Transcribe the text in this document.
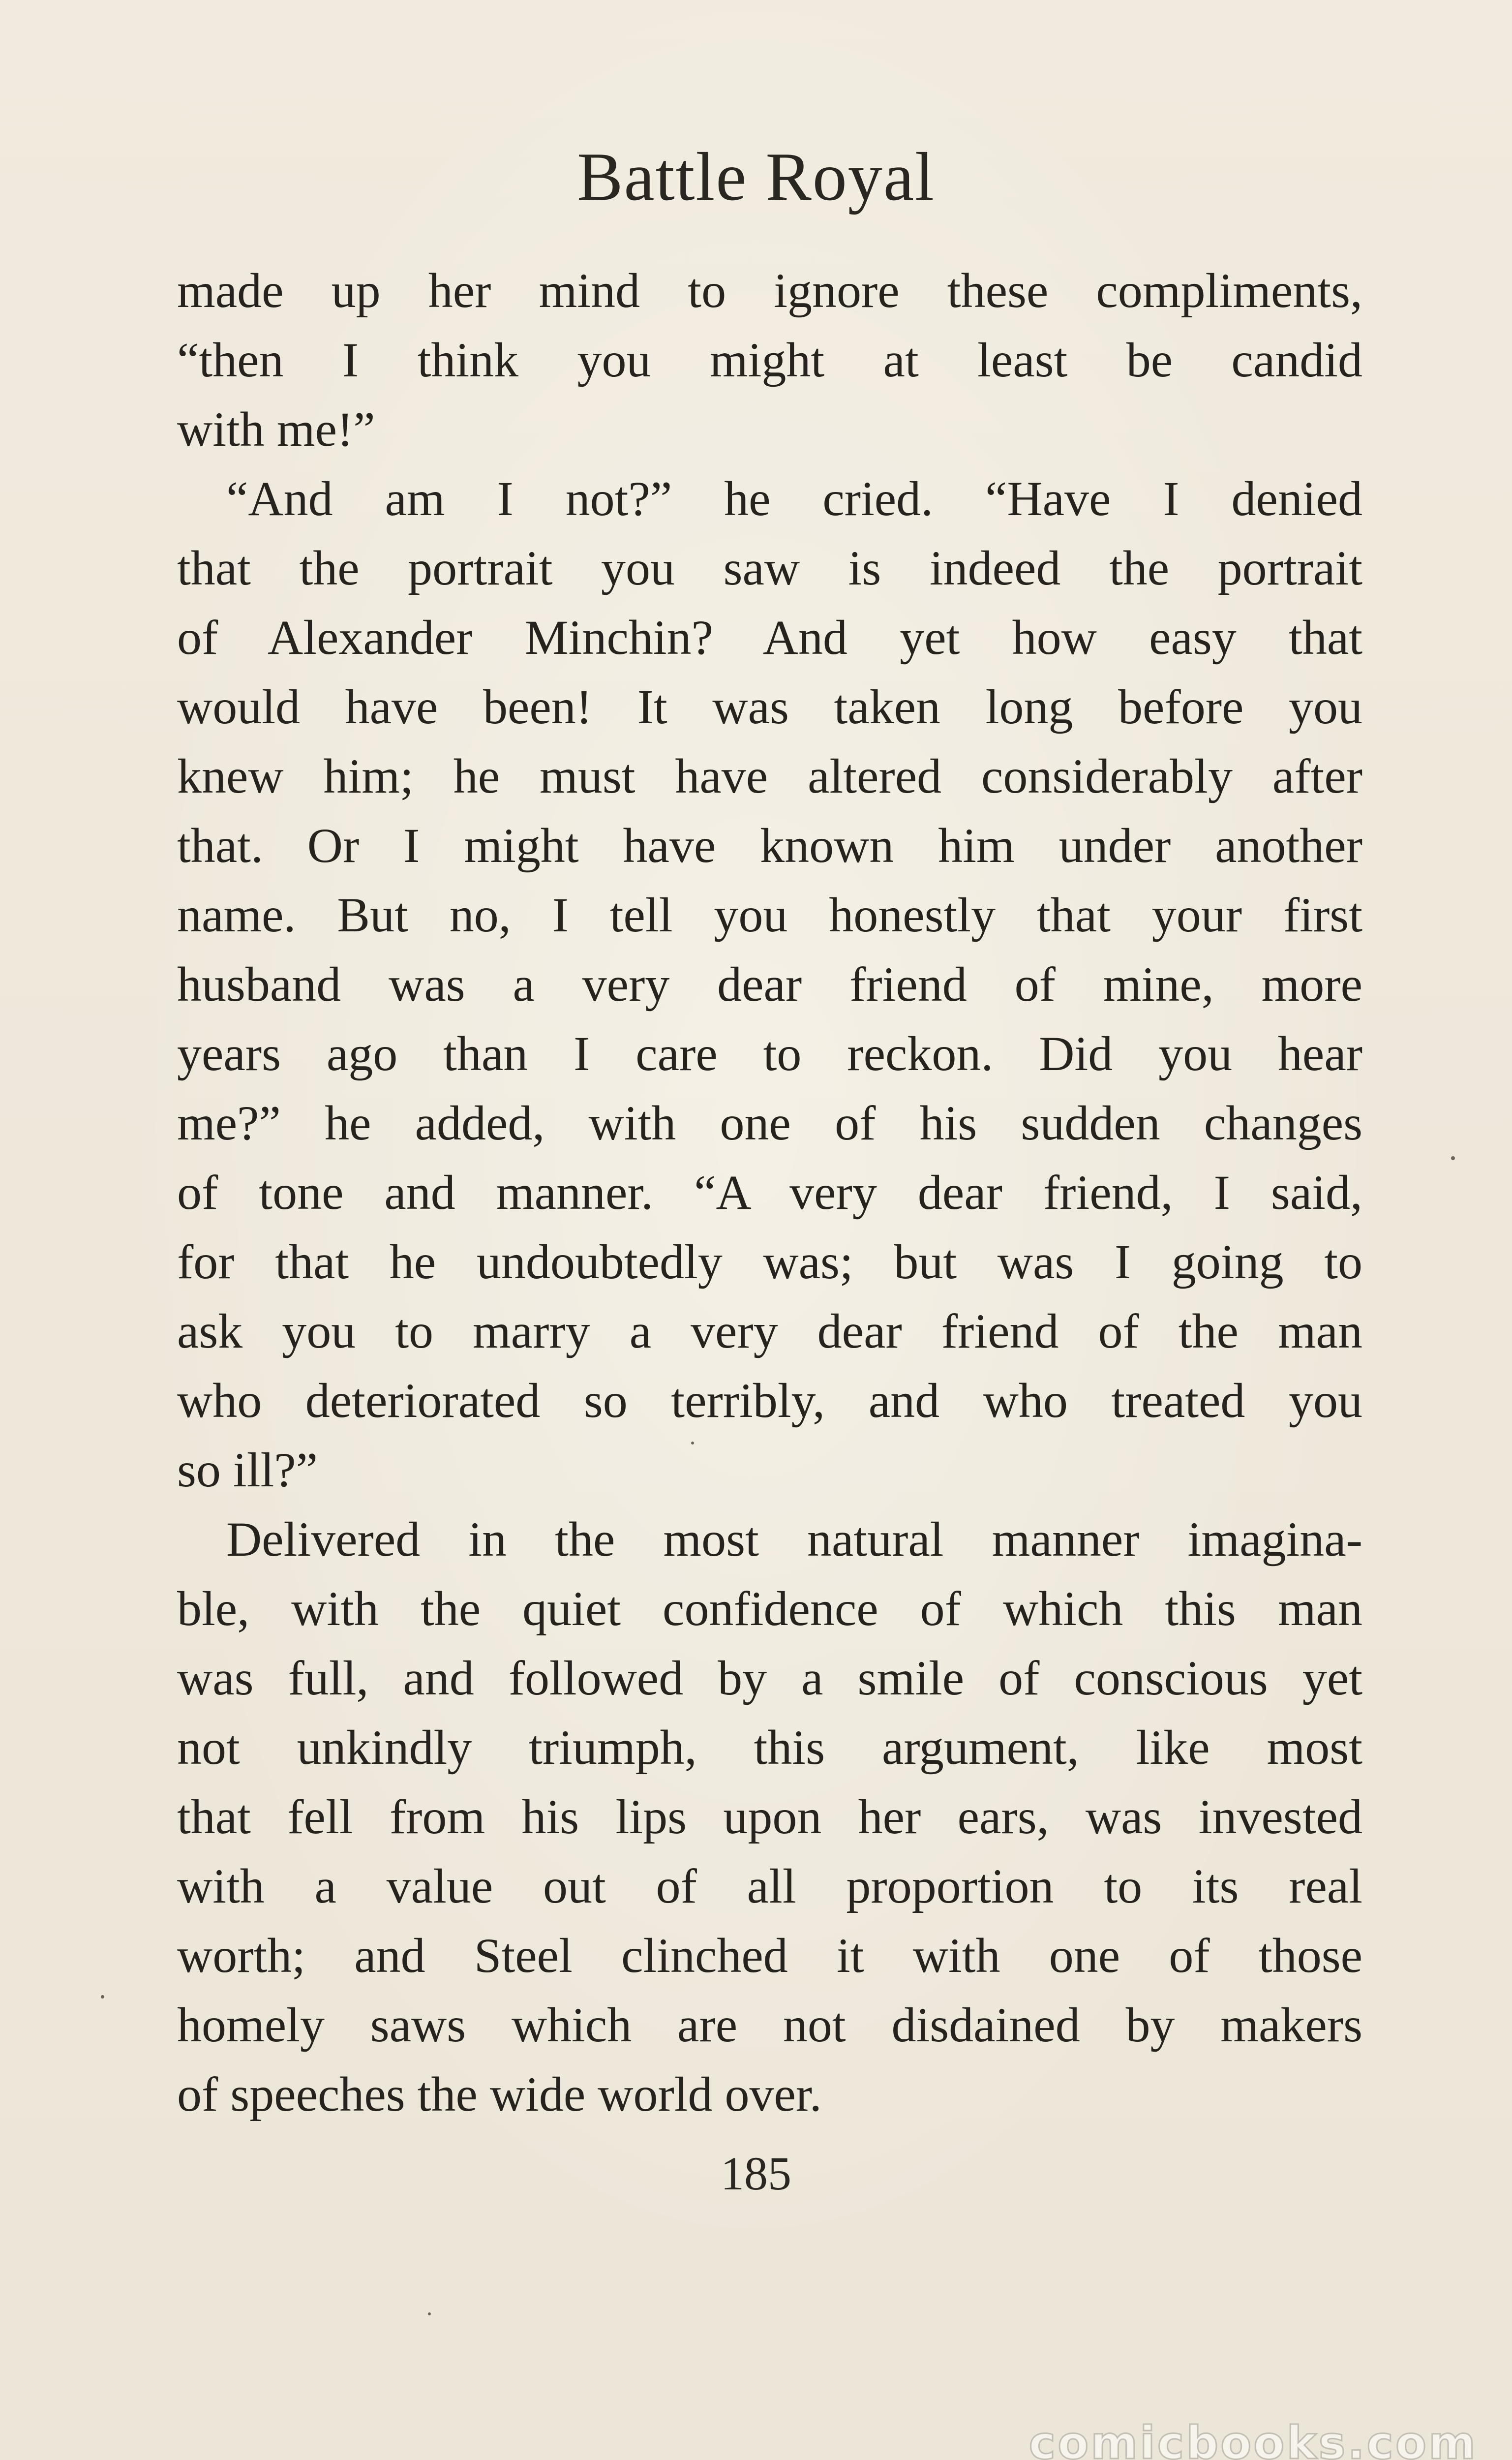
Battle Royal
made up her mind to ignore these compliments,
“then I think you might at least be candid
with me!”
“And am I not?” he cried. “Have I denied
that the portrait you saw is indeed the portrait
of Alexander Minchin? And yet how easy that
would have been! It was taken long before you
knew him; he must have altered considerably after
that. Or I might have known him under another
name. But no, I tell you honestly that your first
husband was a very dear friend of mine, more
years ago than I care to reckon. Did you hear
me?” he added, with one of his sudden changes
of tone and manner. “A very dear friend, I said,
for that he undoubtedly was; but was I going to
ask you to marry a very dear friend of the man
who deteriorated so terribly, and who treated you
so ill?”
Delivered in the most natural manner imagina-
ble, with the quiet confidence of which this man
was full, and followed by a smile of conscious yet
not unkindly triumph, this argument, like most
that fell from his lips upon her ears, was invested
with a value out of all proportion to its real
worth; and Steel clinched it with one of those
homely saws which are not disdained by makers
of speeches the wide world over.
185
comicbooks.com
